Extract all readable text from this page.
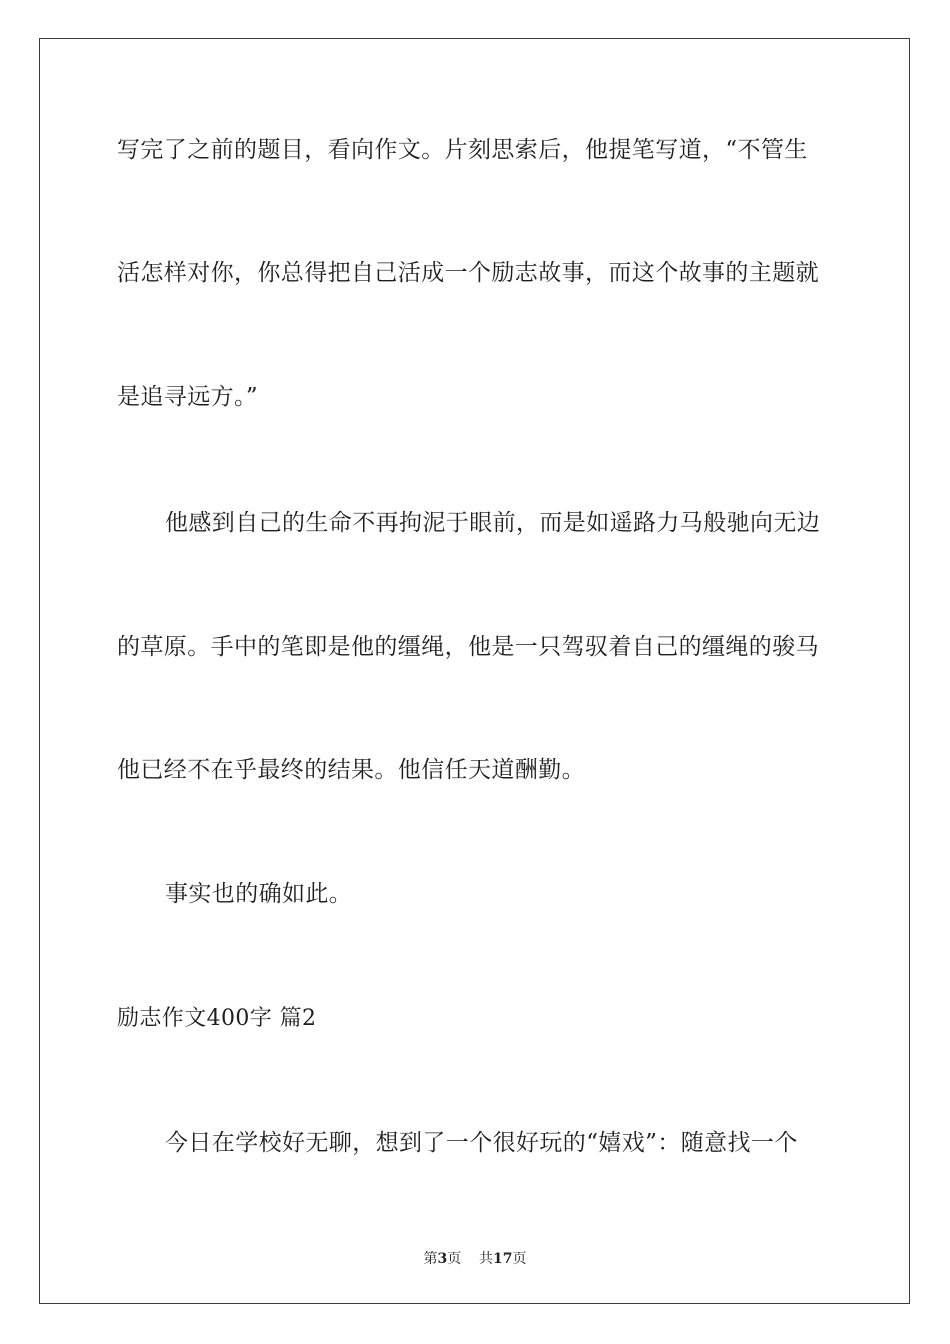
写完了之前的题目，看向作文。片刻思索后，他提笔写道，“不管生
活怎样对你，你总得把自己活成一个励志故事，而这个故事的主题就
是追寻远方。”
他感到自己的生命不再拘泥于眼前，而是如遥路力马般驰向无边
的草原。手中的笔即是他的缰绳，他是一只驾驭着自己的缰绳的骏马
他已经不在乎最终的结果。他信任天道酬勤。
事实也的确如此。
励志作文400字 篇2
今日在学校好无聊，想到了一个很好玩的“嬉戏”：随意找一个
第3页 共17页
